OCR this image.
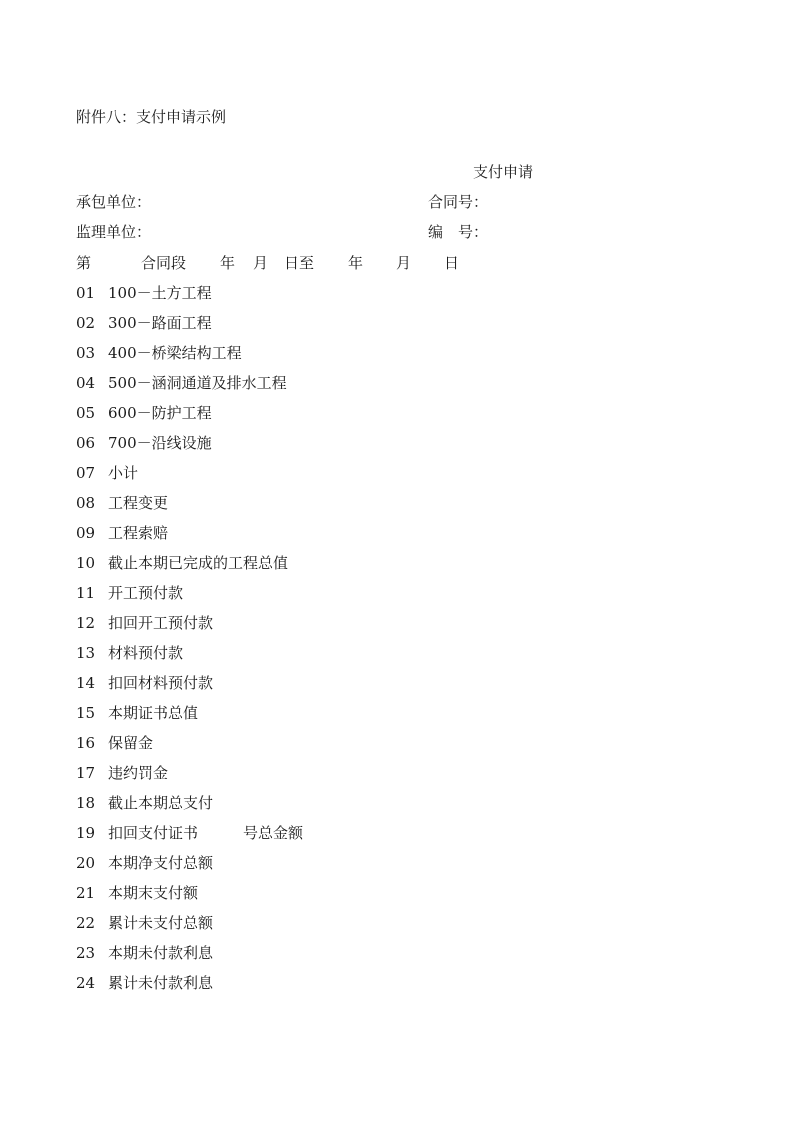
附件八：支付申请示例
支付申请
承包单位：	合同号：
监理单位：	编　号：
第	合同段 年 月 日至 年 月 日
01 100－土方工程
02 300－路面工程
03 400－桥梁结构工程
04 500－涵洞通道及排水工程
05 600－防护工程
06 700－沿线设施
07 小计
08 工程变更
09 工程索赔
10 截止本期已完成的工程总值
11 开工预付款
12 扣回开工预付款
13 材料预付款
14 扣回材料预付款
15 本期证书总值
16 保留金
17 违约罚金
18 截止本期总支付
19 扣回支付证书　　　号总金额
20 本期净支付总额
21 本期末支付额
22 累计未支付总额
23 本期未付款利息
24 累计未付款利息
